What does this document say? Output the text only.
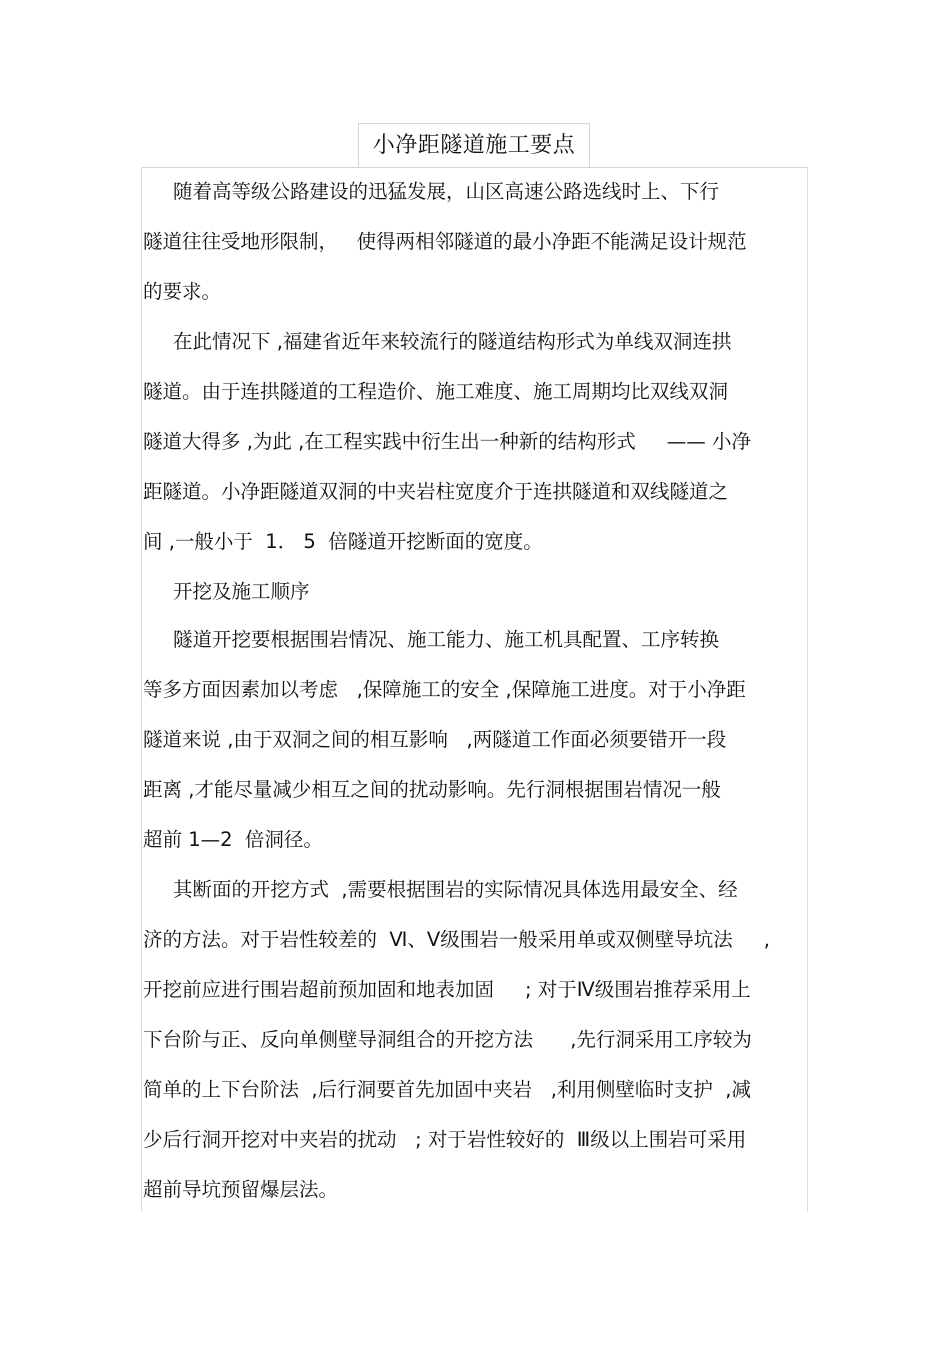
小净距隧道施工要点
随着高等级公路建设的迅猛发展，山区高速公路选线时上、下行
隧道往往受地形限制，   使得两相邻隧道的最小净距不能满足设计规范
的要求。
在此情况下 ,福建省近年来较流行的隧道结构形式为单线双洞连拱
隧道。由于连拱隧道的工程造价、施工难度、施工周期均比双线双洞
隧道大得多 ,为此 ,在工程实践中衍生出一种新的结构形式     —— 小净
距隧道。小净距隧道双洞的中夹岩柱宽度介于连拱隧道和双线隧道之
间 ,一般小于  1． 5  倍隧道开挖断面的宽度。
开挖及施工顺序
隧道开挖要根据围岩情况、施工能力、施工机具配置、工序转换
等多方面因素加以考虑   ,保障施工的安全 ,保障施工进度。对于小净距
隧道来说 ,由于双洞之间的相互影响   ,两隧道工作面必须要错开一段
距离 ,才能尽量减少相互之间的扰动影响。先行洞根据围岩情况一般
超前 1—2  倍洞径。
其断面的开挖方式  ,需要根据围岩的实际情况具体选用最安全、经
济的方法。对于岩性较差的  Ⅵ、Ⅴ级围岩一般采用单或双侧壁导坑法     ,
开挖前应进行围岩超前预加固和地表加固     ; 对于Ⅳ级围岩推荐采用上
下台阶与正、反向单侧壁导洞组合的开挖方法      ,先行洞采用工序较为
简单的上下台阶法  ,后行洞要首先加固中夹岩   ,利用侧壁临时支护  ,减
少后行洞开挖对中夹岩的扰动   ; 对于岩性较好的  Ⅲ级以上围岩可采用
超前导坑预留爆层法。
